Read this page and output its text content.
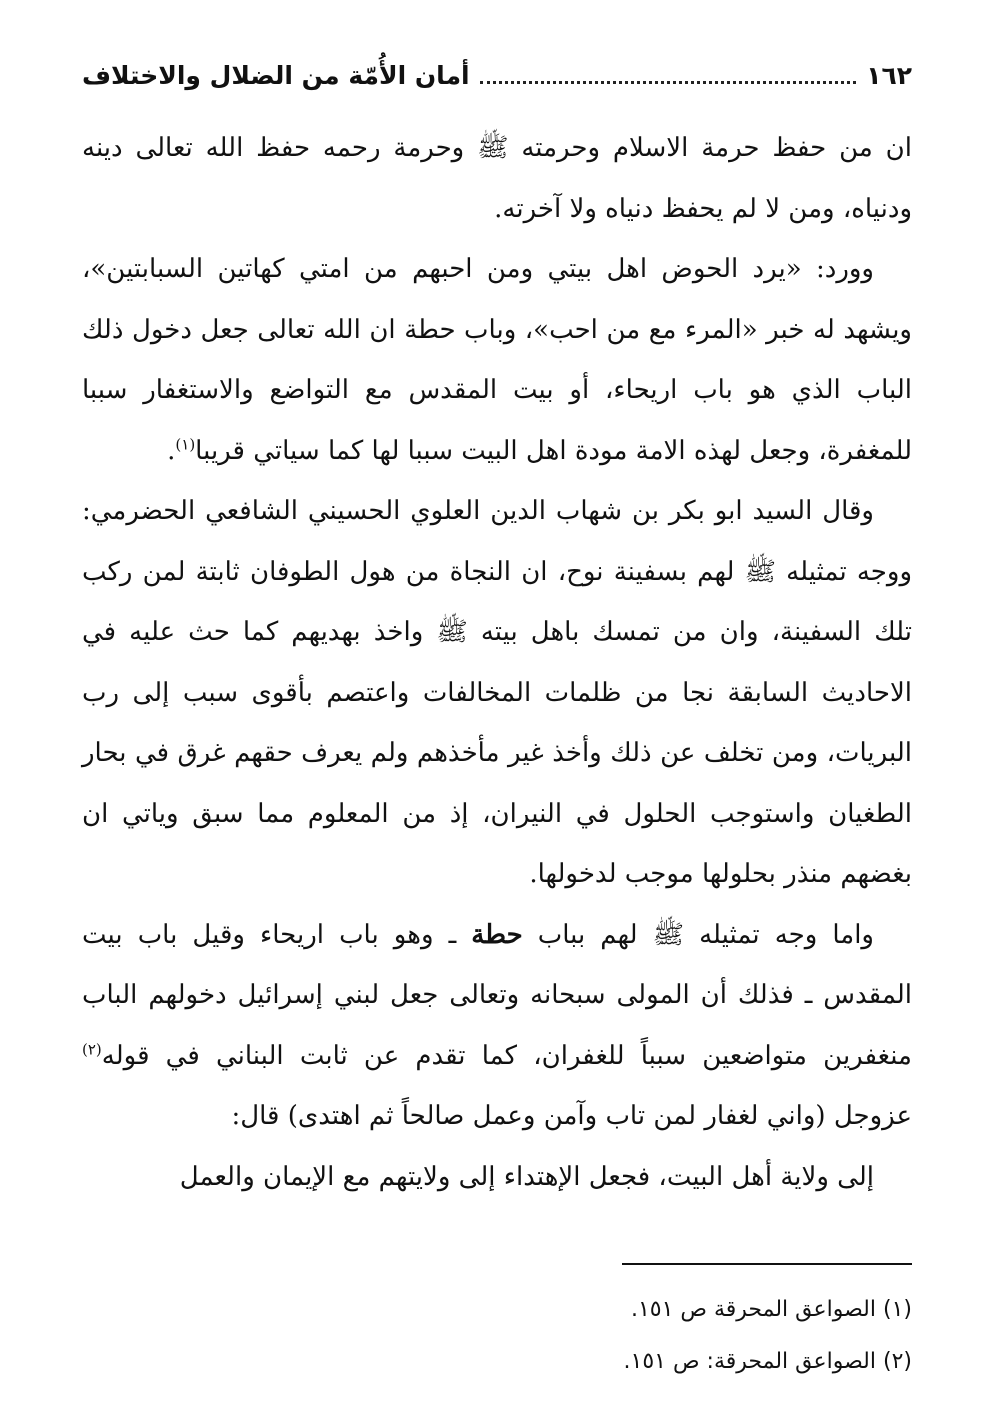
١٦٢
أمان الأُمّة من الضلال والاختلاف

ان من حفظ حرمة الاسلام وحرمته ﷺ وحرمة رحمه حفظ الله تعالى دينه ودنياه، ومن لا لم يحفظ دنياه ولا آخرته.

وورد: «يرد الحوض اهل بيتي ومن احبهم من امتي كهاتين السبابتين»، ويشهد له خبر «المرء مع من احب»، وباب حطة ان الله تعالى جعل دخول ذلك الباب الذي هو باب اريحاء، أو بيت المقدس مع التواضع والاستغفار سببا للمغفرة، وجعل لهذه الامة مودة اهل البيت سببا لها كما سياتي قريبا$^{(١)}$.

وقال السيد ابو بكر بن شهاب الدين العلوي الحسيني الشافعي الحضرمي: ووجه تمثيله ﷺ لهم بسفينة نوح، ان النجاة من هول الطوفان ثابتة لمن ركب تلك السفينة، وان من تمسك باهل بيته ﷺ واخذ بهديهم كما حث عليه في الاحاديث السابقة نجا من ظلمات المخالفات واعتصم بأقوى سبب إلى رب البريات، ومن تخلف عن ذلك وأخذ غير مأخذهم ولم يعرف حقهم غرق في بحار الطغيان واستوجب الحلول في النيران، إذ من المعلوم مما سبق وياتي ان بغضهم منذر بحلولها موجب لدخولها.

واما وجه تمثيله ﷺ لهم بباب حطة ـ وهو باب اريحاء وقيل باب بيت المقدس ـ فذلك أن المولى سبحانه وتعالى جعل لبني إسرائيل دخولهم الباب منغفرين متواضعين سبباً للغفران، كما تقدم عن ثابت البناني في قوله$^{(٢)}$ عزوجل (واني لغفار لمن تاب وآمن وعمل صالحاً ثم اهتدى) قال:

إلى ولاية أهل البيت، فجعل الإهتداء إلى ولايتهم مع الإيمان والعمل

(١) الصواعق المحرقة ص ١٥١.

(٢) الصواعق المحرقة: ص ١٥١.
